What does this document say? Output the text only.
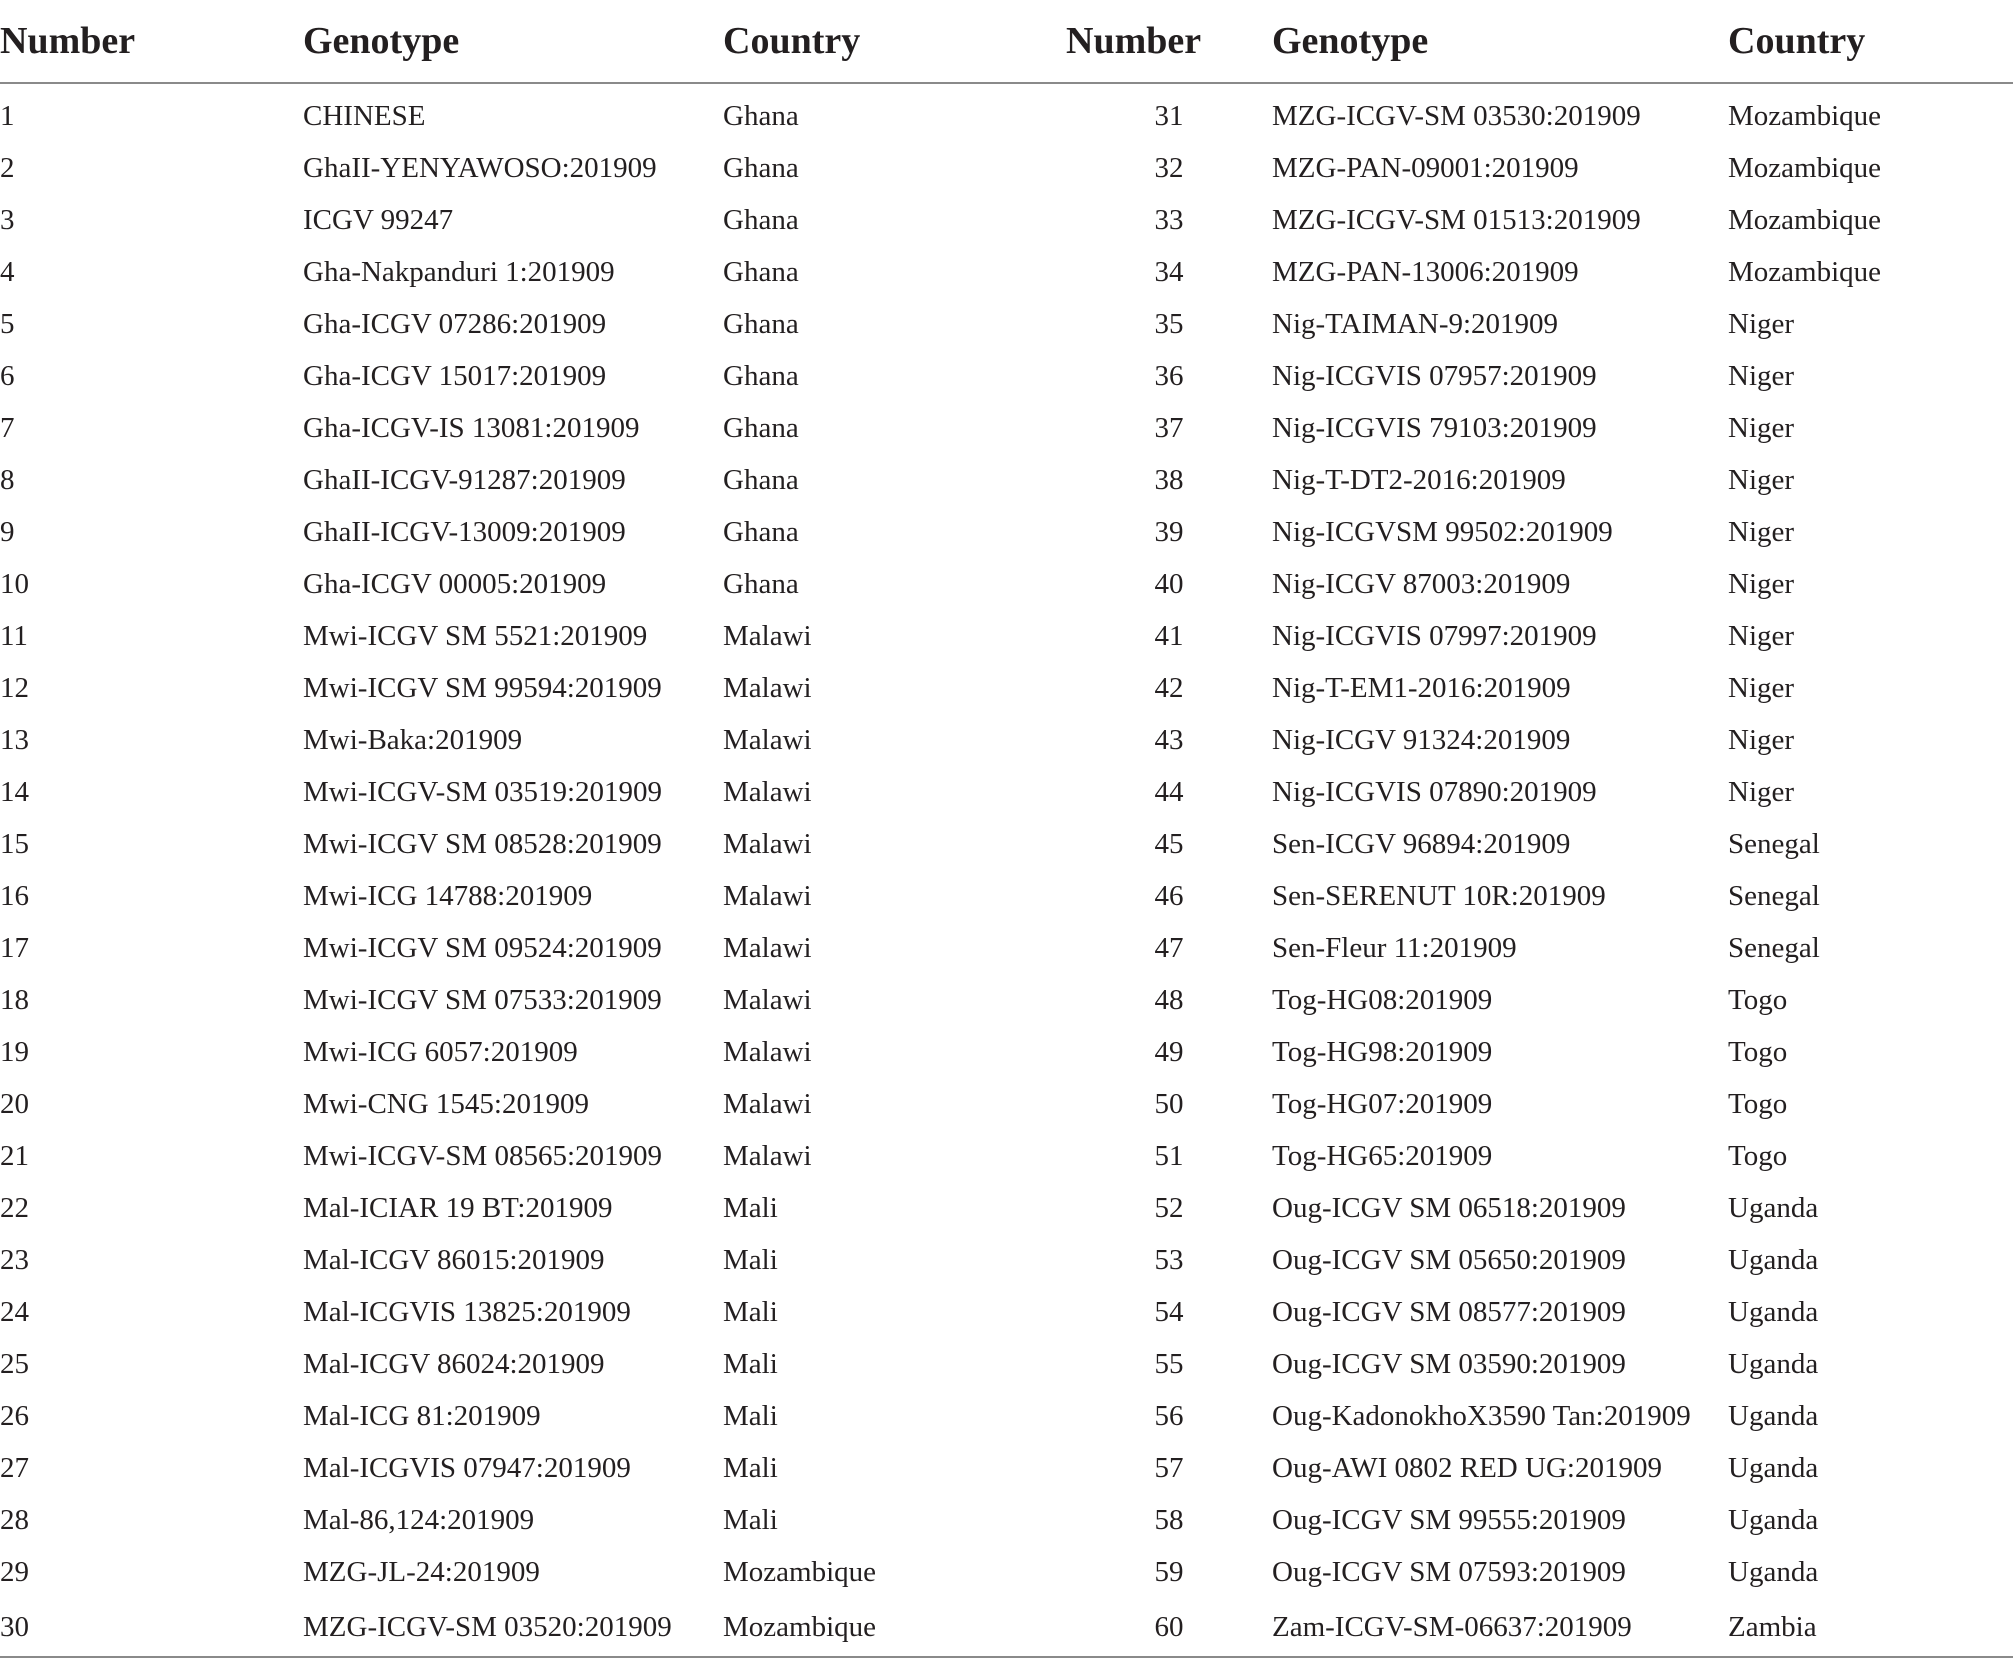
Number	Genotype	Country	Number	Genotype	Country
1	CHINESE	Ghana	31	MZG-ICGV-SM 03530:201909	Mozambique
2	GhaII-YENYAWOSO:201909	Ghana	32	MZG-PAN-09001:201909	Mozambique
3	ICGV 99247	Ghana	33	MZG-ICGV-SM 01513:201909	Mozambique
4	Gha-Nakpanduri 1:201909	Ghana	34	MZG-PAN-13006:201909	Mozambique
5	Gha-ICGV 07286:201909	Ghana	35	Nig-TAIMAN-9:201909	Niger
6	Gha-ICGV 15017:201909	Ghana	36	Nig-ICGVIS 07957:201909	Niger
7	Gha-ICGV-IS 13081:201909	Ghana	37	Nig-ICGVIS 79103:201909	Niger
8	GhaII-ICGV-91287:201909	Ghana	38	Nig-T-DT2-2016:201909	Niger
9	GhaII-ICGV-13009:201909	Ghana	39	Nig-ICGVSM 99502:201909	Niger
10	Gha-ICGV 00005:201909	Ghana	40	Nig-ICGV 87003:201909	Niger
11	Mwi-ICGV SM 5521:201909	Malawi	41	Nig-ICGVIS 07997:201909	Niger
12	Mwi-ICGV SM 99594:201909	Malawi	42	Nig-T-EM1-2016:201909	Niger
13	Mwi-Baka:201909	Malawi	43	Nig-ICGV 91324:201909	Niger
14	Mwi-ICGV-SM 03519:201909	Malawi	44	Nig-ICGVIS 07890:201909	Niger
15	Mwi-ICGV SM 08528:201909	Malawi	45	Sen-ICGV 96894:201909	Senegal
16	Mwi-ICG 14788:201909	Malawi	46	Sen-SERENUT 10R:201909	Senegal
17	Mwi-ICGV SM 09524:201909	Malawi	47	Sen-Fleur 11:201909	Senegal
18	Mwi-ICGV SM 07533:201909	Malawi	48	Tog-HG08:201909	Togo
19	Mwi-ICG 6057:201909	Malawi	49	Tog-HG98:201909	Togo
20	Mwi-CNG 1545:201909	Malawi	50	Tog-HG07:201909	Togo
21	Mwi-ICGV-SM 08565:201909	Malawi	51	Tog-HG65:201909	Togo
22	Mal-ICIAR 19 BT:201909	Mali	52	Oug-ICGV SM 06518:201909	Uganda
23	Mal-ICGV 86015:201909	Mali	53	Oug-ICGV SM 05650:201909	Uganda
24	Mal-ICGVIS 13825:201909	Mali	54	Oug-ICGV SM 08577:201909	Uganda
25	Mal-ICGV 86024:201909	Mali	55	Oug-ICGV SM 03590:201909	Uganda
26	Mal-ICG 81:201909	Mali	56	Oug-KadonokhoX3590 Tan:201909	Uganda
27	Mal-ICGVIS 07947:201909	Mali	57	Oug-AWI 0802 RED UG:201909	Uganda
28	Mal-86,124:201909	Mali	58	Oug-ICGV SM 99555:201909	Uganda
29	MZG-JL-24:201909	Mozambique	59	Oug-ICGV SM 07593:201909	Uganda
30	MZG-ICGV-SM 03520:201909	Mozambique	60	Zam-ICGV-SM-06637:201909	Zambia
